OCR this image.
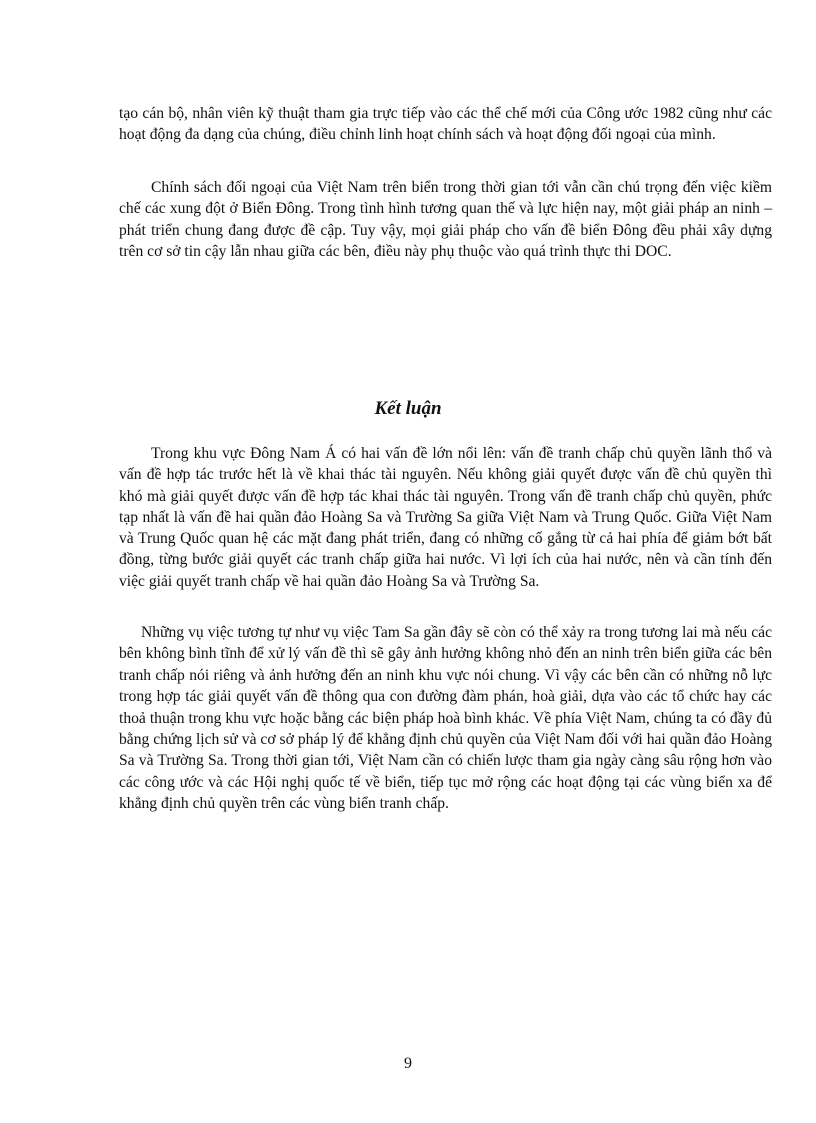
tạo cán bộ, nhân viên kỹ thuật tham gia trực tiếp vào các thể chế mới của Công ước 1982 cũng như các hoạt động đa dạng của chúng, điều chỉnh linh hoạt chính sách và hoạt động đối ngoại của mình.

Chính sách đối ngoại của Việt Nam trên biển trong thời gian tới vẫn cần chú trọng đến việc kiềm chế các xung đột ở Biển Đông. Trong tình hình tương quan thế và lực hiện nay, một giải pháp an ninh – phát triển chung đang được đề cập. Tuy vậy, mọi giải pháp cho vấn đề biển Đông đều phải xây dựng trên cơ sở tin cậy lẫn nhau giữa các bên, điều này phụ thuộc vào quá trình thực thi DOC.

Kết luận

Trong khu vực Đông Nam Á có hai vấn đề lớn nổi lên: vấn đề tranh chấp chủ quyền lãnh thổ và vấn đề hợp tác trước hết là về khai thác tài nguyên. Nếu không giải quyết được vấn đề chủ quyền thì khó mà giải quyết được vấn đề hợp tác khai thác tài nguyên. Trong vấn đề tranh chấp chủ quyền, phức tạp nhất là vấn đề hai quần đảo Hoàng Sa và Trường Sa giữa Việt Nam và Trung Quốc. Giữa Việt Nam và Trung Quốc quan hệ các mặt đang phát triển, đang có những cố gắng từ cả hai phía để giảm bớt bất đồng, từng bước giải quyết các tranh chấp giữa hai nước. Vì lợi ích của hai nước, nên và cần tính đến việc giải quyết tranh chấp về hai quần đảo Hoàng Sa và Trường Sa.

Những vụ việc tương tự như vụ việc Tam Sa gần đây sẽ còn có thể xảy ra trong tương lai mà nếu các bên không bình tĩnh để xử lý vấn đề thì sẽ gây ảnh hưởng không nhỏ đến an ninh trên biển giữa các bên tranh chấp nói riêng và ảnh hưởng đến an ninh khu vực nói chung. Vì vậy các bên cần có những nỗ lực trong hợp tác giải quyết vấn đề thông qua con đường đàm phán, hoà giải, dựa vào các tổ chức hay các thoả thuận trong khu vực hoặc bằng các biện pháp hoà bình khác. Về phía Việt Nam, chúng ta có đầy đủ bằng chứng lịch sử và cơ sở pháp lý để khẳng định chủ quyền của Việt Nam đối với hai quần đảo Hoàng Sa và Trường Sa. Trong thời gian tới, Việt Nam cần có chiến lược tham gia ngày càng sâu rộng hơn vào các công ước và các Hội nghị quốc tế về biển, tiếp tục mở rộng các hoạt động tại các vùng biển xa để khẳng định chủ quyền trên các vùng biển tranh chấp.

9
